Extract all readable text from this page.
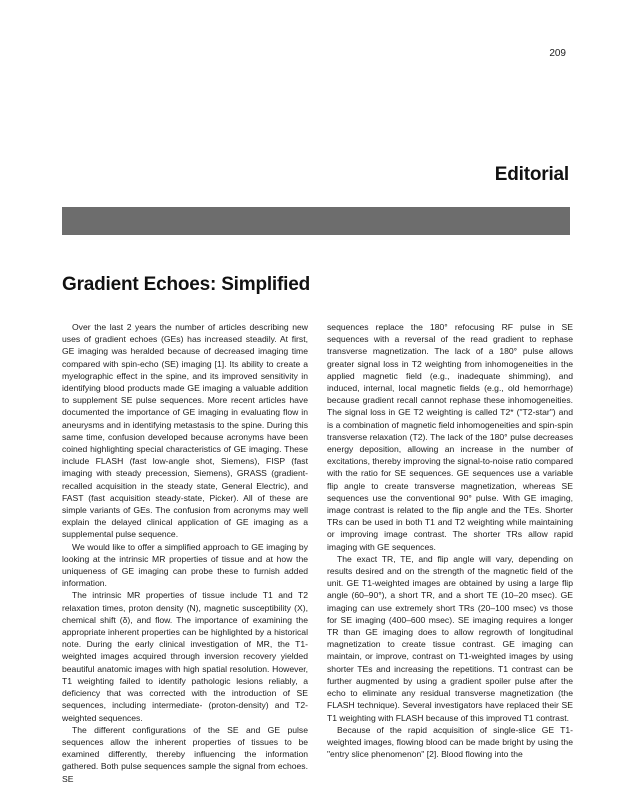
209
Editorial
Gradient Echoes: Simplified

Over the last 2 years the number of articles describing new uses of gradient echoes (GEs) has increased steadily. At first, GE imaging was heralded because of decreased imaging time compared with spin-echo (SE) imaging [1]. Its ability to create a myelographic effect in the spine, and its improved sensitivity in identifying blood products made GE imaging a valuable addition to supplement SE pulse sequences. More recent articles have documented the importance of GE imaging in evaluating flow in aneurysms and in identifying metastasis to the spine. During this same time, confusion developed because acronyms have been coined highlighting special characteristics of GE imaging. These include FLASH (fast low-angle shot, Siemens), FISP (fast imaging with steady precession, Siemens), GRASS (gradient-recalled acquisition in the steady state, General Electric), and FAST (fast acquisition steady-state, Picker). All of these are simple variants of GEs. The confusion from acronyms may well explain the delayed clinical application of GE imaging as a supplemental pulse sequence.

We would like to offer a simplified approach to GE imaging by looking at the intrinsic MR properties of tissue and at how the uniqueness of GE imaging can probe these to furnish added information.

The intrinsic MR properties of tissue include T1 and T2 relaxation times, proton density (N), magnetic susceptibility (X), chemical shift (δ), and flow. The importance of examining the appropriate inherent properties can be highlighted by a historical note. During the early clinical investigation of MR, the T1-weighted images acquired through inversion recovery yielded beautiful anatomic images with high spatial resolution. However, T1 weighting failed to identify pathologic lesions reliably, a deficiency that was corrected with the introduction of SE sequences, including intermediate- (proton-density) and T2-weighted sequences.

The different configurations of the SE and GE pulse sequences allow the inherent properties of tissues to be examined differently, thereby influencing the information gathered. Both pulse sequences sample the signal from echoes. SE

sequences replace the 180° refocusing RF pulse in SE sequences with a reversal of the read gradient to rephase transverse magnetization. The lack of a 180° pulse allows greater signal loss in T2 weighting from inhomogeneities in the applied magnetic field (e.g., inadequate shimming), and induced, internal, local magnetic fields (e.g., old hemorrhage) because gradient recall cannot rephase these inhomogeneities. The signal loss in GE T2 weighting is called T2* ("T2-star") and is a combination of magnetic field inhomogeneities and spin-spin transverse relaxation (T2). The lack of the 180° pulse decreases energy deposition, allowing an increase in the number of excitations, thereby improving the signal-to-noise ratio compared with the ratio for SE sequences. GE sequences use a variable flip angle to create transverse magnetization, whereas SE sequences use the conventional 90° pulse. With GE imaging, image contrast is related to the flip angle and the TEs. Shorter TRs can be used in both T1 and T2 weighting while maintaining or improving image contrast. The shorter TRs allow rapid imaging with GE sequences.

The exact TR, TE, and flip angle will vary, depending on results desired and on the strength of the magnetic field of the unit. GE T1-weighted images are obtained by using a large flip angle (60–90°), a short TR, and a short TE (10–20 msec). GE imaging can use extremely short TRs (20–100 msec) vs those for SE imaging (400–600 msec). SE imaging requires a longer TR than GE imaging does to allow regrowth of longitudinal magnetization to create tissue contrast. GE imaging can maintain, or improve, contrast on T1-weighted images by using shorter TEs and increasing the repetitions. T1 contrast can be further augmented by using a gradient spoiler pulse after the echo to eliminate any residual transverse magnetization (the FLASH technique). Several investigators have replaced their SE T1 weighting with FLASH because of this improved T1 contrast.

Because of the rapid acquisition of single-slice GE T1-weighted images, flowing blood can be made bright by using the "entry slice phenomenon" [2]. Blood flowing into the
